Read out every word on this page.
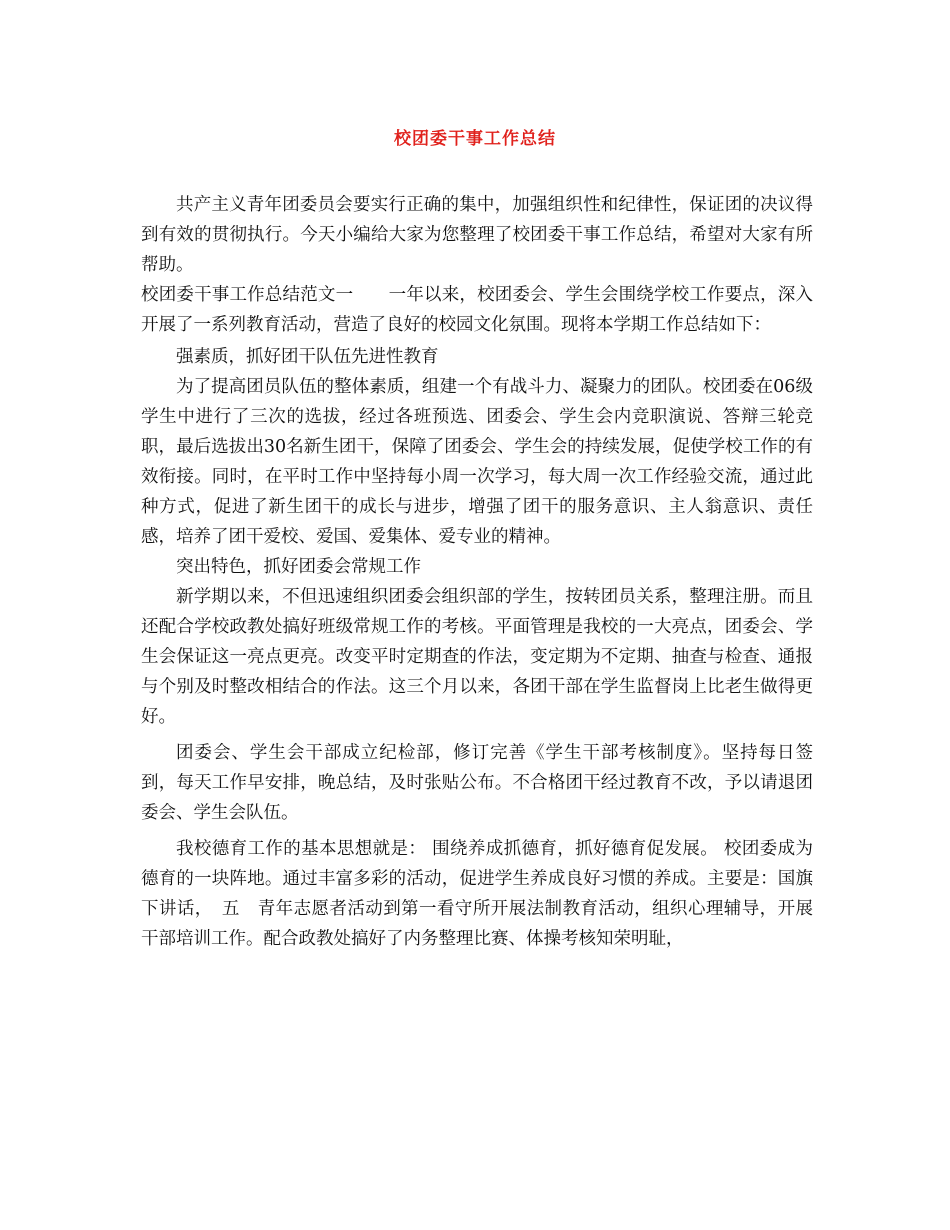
校团委干事工作总结

共产主义青年团委员会要实行正确的集中，加强组织性和纪律性，保证团的决议得到有效的贯彻执行。今天小编给大家为您整理了校团委干事工作总结，希望对大家有所帮助。

校团委干事工作总结范文一　　一年以来，校团委会、学生会围绕学校工作要点，深入开展了一系列教育活动，营造了良好的校园文化氛围。现将本学期工作总结如下：

强素质，抓好团干队伍先进性教育

为了提高团员队伍的整体素质，组建一个有战斗力、凝聚力的团队。校团委在06级学生中进行了三次的选拔，经过各班预选、团委会、学生会内竞职演说、答辩三轮竞职，最后选拔出30名新生团干，保障了团委会、学生会的持续发展，促使学校工作的有效衔接。同时，在平时工作中坚持每小周一次学习，每大周一次工作经验交流，通过此种方式，促进了新生团干的成长与进步，增强了团干的服务意识、主人翁意识、责任感，培养了团干爱校、爱国、爱集体、爱专业的精神。

突出特色，抓好团委会常规工作

新学期以来，不但迅速组织团委会组织部的学生，按转团员关系，整理注册。而且还配合学校政教处搞好班级常规工作的考核。平面管理是我校的一大亮点，团委会、学生会保证这一亮点更亮。改变平时定期查的作法，变定期为不定期、抽查与检查、通报与个别及时整改相结合的作法。这三个月以来，各团干部在学生监督岗上比老生做得更好。

团委会、学生会干部成立纪检部，修订完善《学生干部考核制度》。坚持每日签到，每天工作早安排，晚总结，及时张贴公布。不合格团干经过教育不改，予以请退团委会、学生会队伍。

我校德育工作的基本思想就是： 围绕养成抓德育，抓好德育促发展。 校团委成为德育的一块阵地。通过丰富多彩的活动，促进学生养成良好习惯的养成。主要是：国旗下讲话，　五　青年志愿者活动到第一看守所开展法制教育活动，组织心理辅导，开展干部培训工作。配合政教处搞好了内务整理比赛、体操考核知荣明耻，
